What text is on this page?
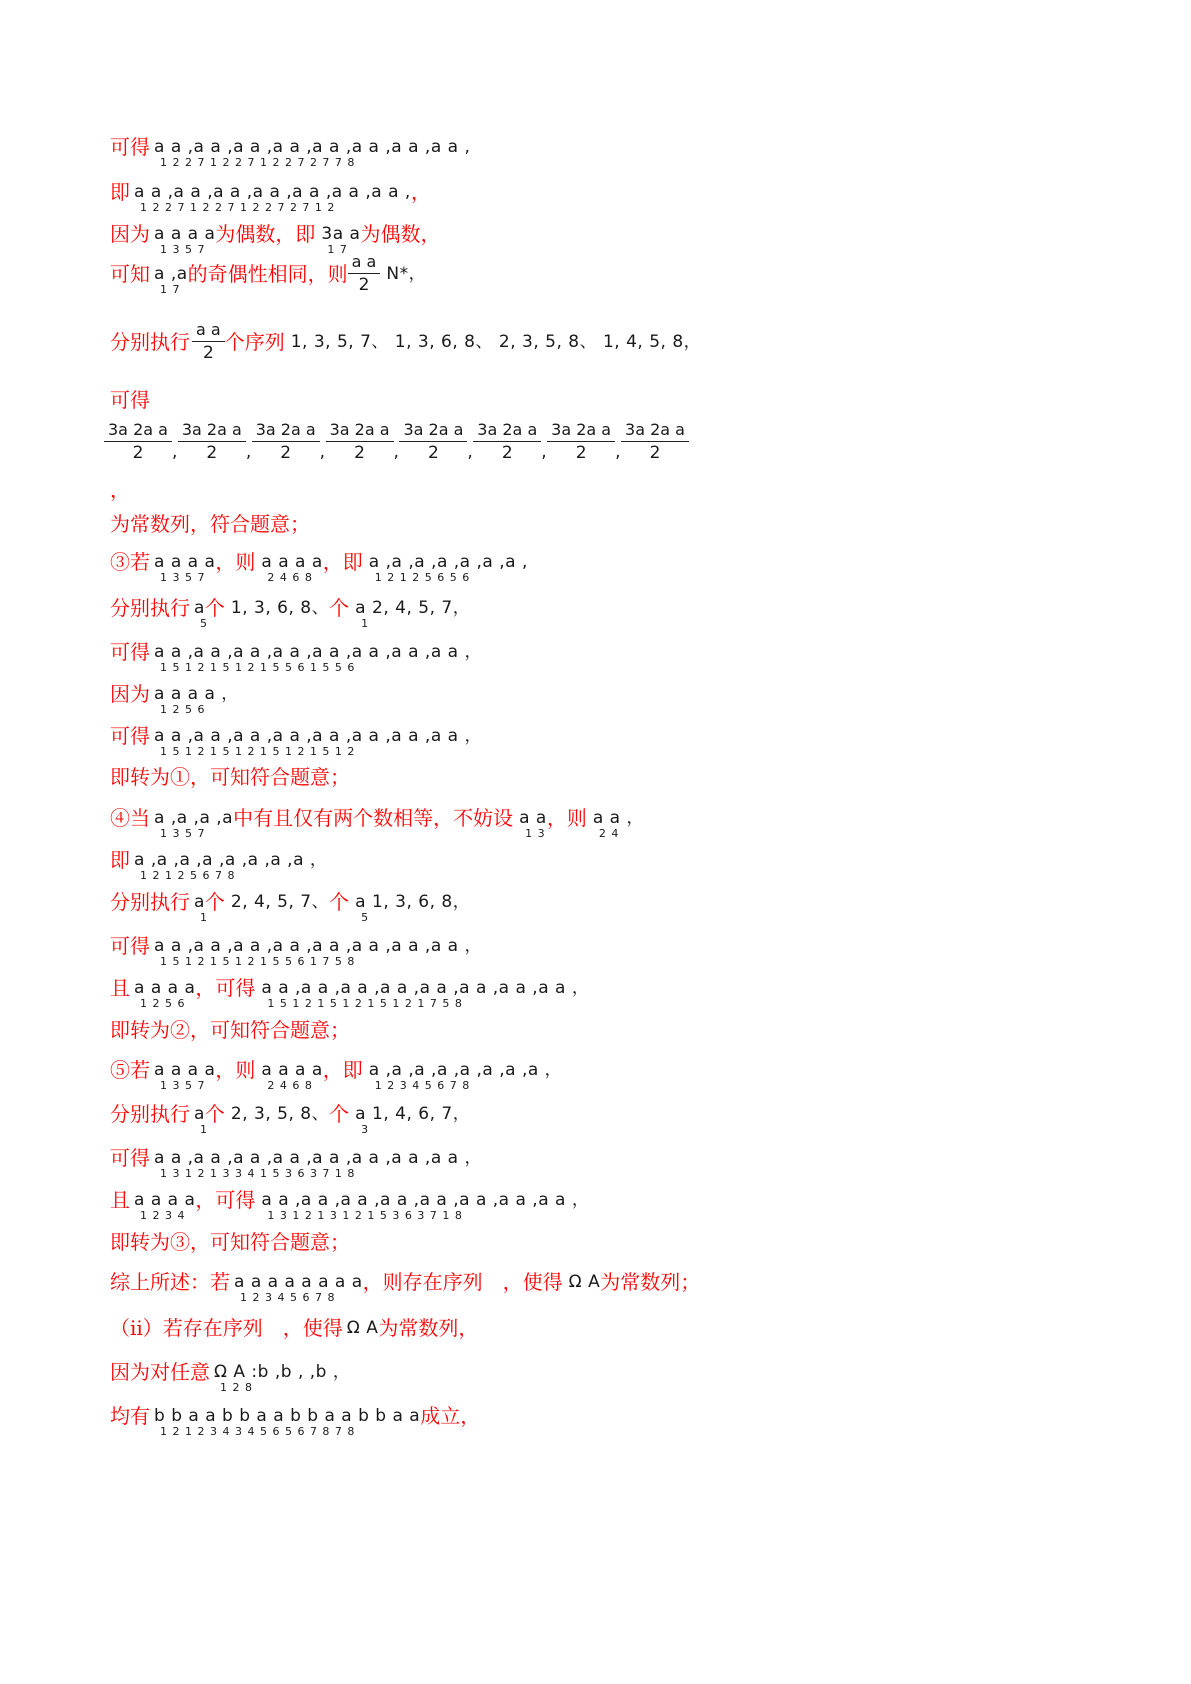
可得 a a ,a a ,a a ,a a ,a a ,a a ,a a ,a a ,
1 2 2 7 1 2 2 7 1 2 2 7 2 7 7 8
即 a a ,a a ,a a ,a a ,a a ,a a ,a a ,
1 2 2 7 1 2 2 7 1 2 2 7 2 7 1 2
，
因为 a a a a
1 3 5 7
为偶数，即 3a a
1 7
为偶数，
可知 a ,a
1 7
的奇偶性相同，则 $\frac{\text{a a}}{2} N*$，
分别执行 $\frac{\text{a a}}{2}$ 个序列 1, 3, 5, 7、 1, 3, 6, 8、 2, 3, 5, 8、 1, 4, 5, 8，
可得
$\frac{\text{3a 2a a}}{2}$ , $\frac{\text{3a 2a a}}{2}$ , $\frac{\text{3a 2a a}}{2}$ , $\frac{\text{3a 2a a}}{2}$ , $\frac{\text{3a 2a a}}{2}$ , $\frac{\text{3a 2a a}}{2}$ , $\frac{\text{3a 2a a}}{2}$ , $\frac{\text{3a 2a a}}{2}$
，
为常数列，符合题意；
③若 a a a a
1 3 5 7
，则 a a a a
2 4 6 8
，即 a ,a ,a ,a ,a ,a ,a ,
1 2 1 2 5 6 5 6
分别执行 a
5
个 1, 3, 6, 8、个 a
1
2, 4, 5, 7，
可得 a a ,a a ,a a ,a a ,a a ,a a ,a a ,a a ，
1 5 1 2 1 5 1 2 1 5 5 6 1 5 5 6
因为 a a a a ，
1 2 5 6
可得 a a ,a a ,a a ,a a ,a a ,a a ,a a ,a a ，
1 5 1 2 1 5 1 2 1 5 1 2 1 5 1 2
即转为①，可知符合题意；
④当 a ,a ,a ,a
1 3 5 7
中有且仅有两个数相等，不妨设 a a
1 3
，则 a a ，
2 4
即 a ,a ,a ,a ,a ,a ,a ,a ，
1 2 1 2 5 6 7 8
分别执行 a
1
个 2, 4, 5, 7、个 a
5
1, 3, 6, 8，
可得 a a ,a a ,a a ,a a ,a a ,a a ,a a ,a a ，
1 5 1 2 1 5 1 2 1 5 5 6 1 7 5 8
且 a a a a
1 2 5 6
，可得 a a ,a a ,a a ,a a ,a a ,a a ,a a ,a a ，
1 5 1 2 1 5 1 2 1 5 1 2 1 7 5 8
即转为②，可知符合题意；
⑤若 a a a a
1 3 5 7
，则 a a a a
2 4 6 8
，即 a ,a ,a ,a ,a ,a ,a ,a ，
1 2 3 4 5 6 7 8
分别执行 a
1
个 2, 3, 5, 8、个 a
3
1, 4, 6, 7，
可得 a a ,a a ,a a ,a a ,a a ,a a ,a a ,a a ，
1 3 1 2 1 3 3 4 1 5 3 6 3 7 1 8
且 a a a a
1 2 3 4
，可得 a a ,a a ,a a ,a a ,a a ,a a ,a a ,a a ，
1 3 1 2 1 3 1 2 1 5 3 6 3 7 1 8
即转为③，可知符合题意；
综上所述：若 a a a a a a a a
1 2 3 4 5 6 7 8
，则存在序列　，使得 Ω A为常数列；
（ⅱ）若存在序列　，使得 Ω A为常数列，
因为对任意 Ω A :b ,b , ,b ，
1 2 8
均有 b b a a b b a a b b a a b b a a
1 2 1 2 3 4 3 4 5 6 5 6 7 8 7 8
成立，
